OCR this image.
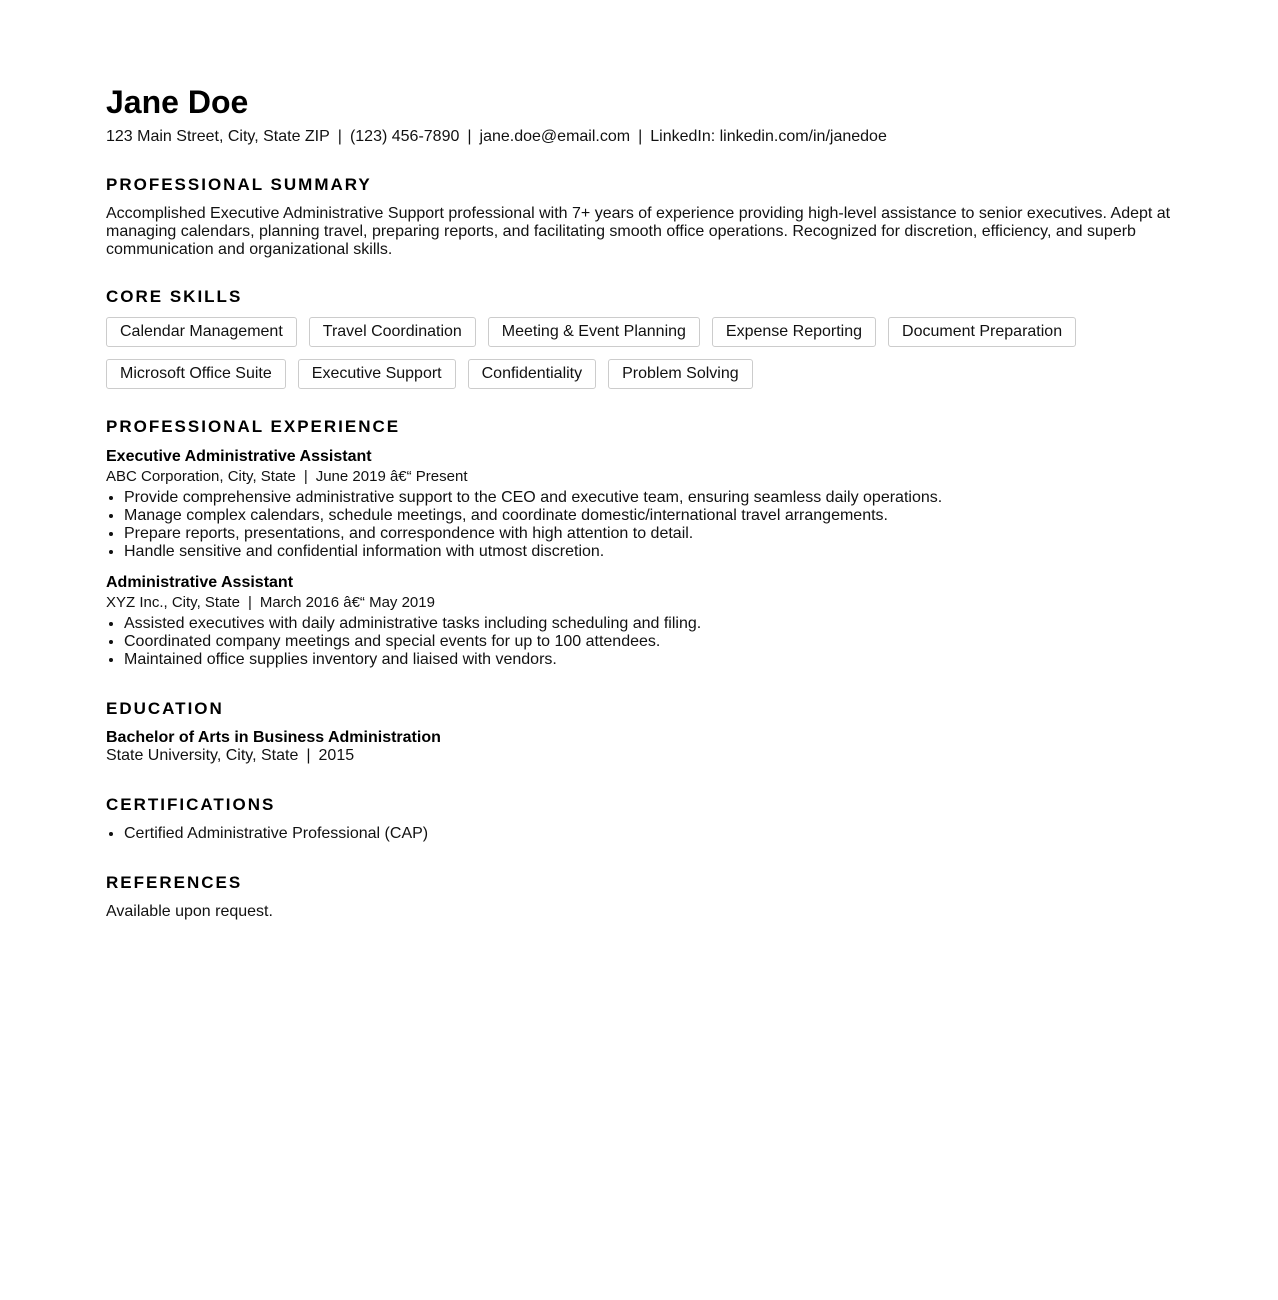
Jane Doe
123 Main Street, City, State ZIP | (123) 456-7890 | jane.doe@email.com | LinkedIn: linkedin.com/in/janedoe
PROFESSIONAL SUMMARY

Accomplished Executive Administrative Support professional with 7+ years of experience providing high-level assistance to senior executives. Adept at managing calendars, planning travel, preparing reports, and facilitating smooth office operations. Recognized for discretion, efficiency, and superb communication and organizational skills.

CORE SKILLS
Calendar Management	Travel Coordination	Meeting & Event Planning	Expense Reporting	Document Preparation
Microsoft Office Suite	Executive Support	Confidentiality	Problem Solving
PROFESSIONAL EXPERIENCE
Executive Administrative Assistant
ABC Corporation, City, State | June 2019 â€“ Present
• Provide comprehensive administrative support to the CEO and executive team, ensuring seamless daily operations.
• Manage complex calendars, schedule meetings, and coordinate domestic/international travel arrangements.
• Prepare reports, presentations, and correspondence with high attention to detail.
• Handle sensitive and confidential information with utmost discretion.
Administrative Assistant
XYZ Inc., City, State | March 2016 â€“ May 2019
• Assisted executives with daily administrative tasks including scheduling and filing.
• Coordinated company meetings and special events for up to 100 attendees.
• Maintained office supplies inventory and liaised with vendors.
EDUCATION
Bachelor of Arts in Business Administration

State University, City, State | 2015

CERTIFICATIONS
• Certified Administrative Professional (CAP)
REFERENCES

Available upon request.
